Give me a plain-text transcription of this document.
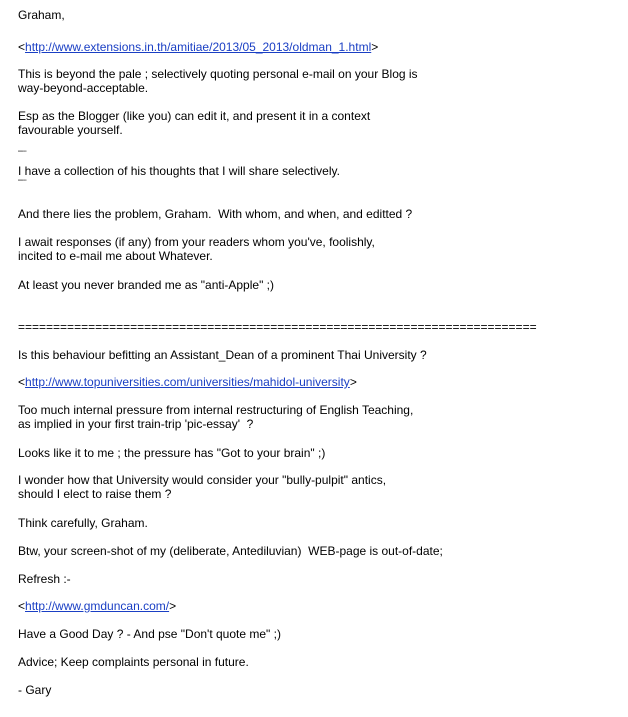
Graham,

<http://www.extensions.in.th/amitiae/2013/05_2013/oldman_1.html>

This is beyond the pale ; selectively quoting personal e-mail on your Blog is

way-beyond-acceptable.

Esp as the Blogger (like you) can edit it, and present it in a context

favourable yourself.

""""

I have a collection of his thoughts that I will share selectively.

""""

And there lies the problem, Graham.  With whom, and when, and editted ?

I await responses (if any) from your readers whom you've, foolishly,

incited to e-mail me about Whatever.

At least you never branded me as "anti-Apple" ;)

==========================================================================

Is this behaviour befitting an Assistant_Dean of a prominent Thai University ?

<http://www.topuniversities.com/universities/mahidol-university>

Too much internal pressure from internal restructuring of English Teaching,

as implied in your first train-trip 'pic-essay'  ?

Looks like it to me ; the pressure has "Got to your brain" ;)

I wonder how that University would consider your "bully-pulpit" antics,

should I elect to raise them ?

Think carefully, Graham.

Btw, your screen-shot of my (deliberate, Antediluvian)  WEB-page is out-of-date;

Refresh :-

<http://www.gmduncan.com/>

Have a Good Day ? - And pse "Don't quote me" ;)

Advice; Keep complaints personal in future.

- Gary
